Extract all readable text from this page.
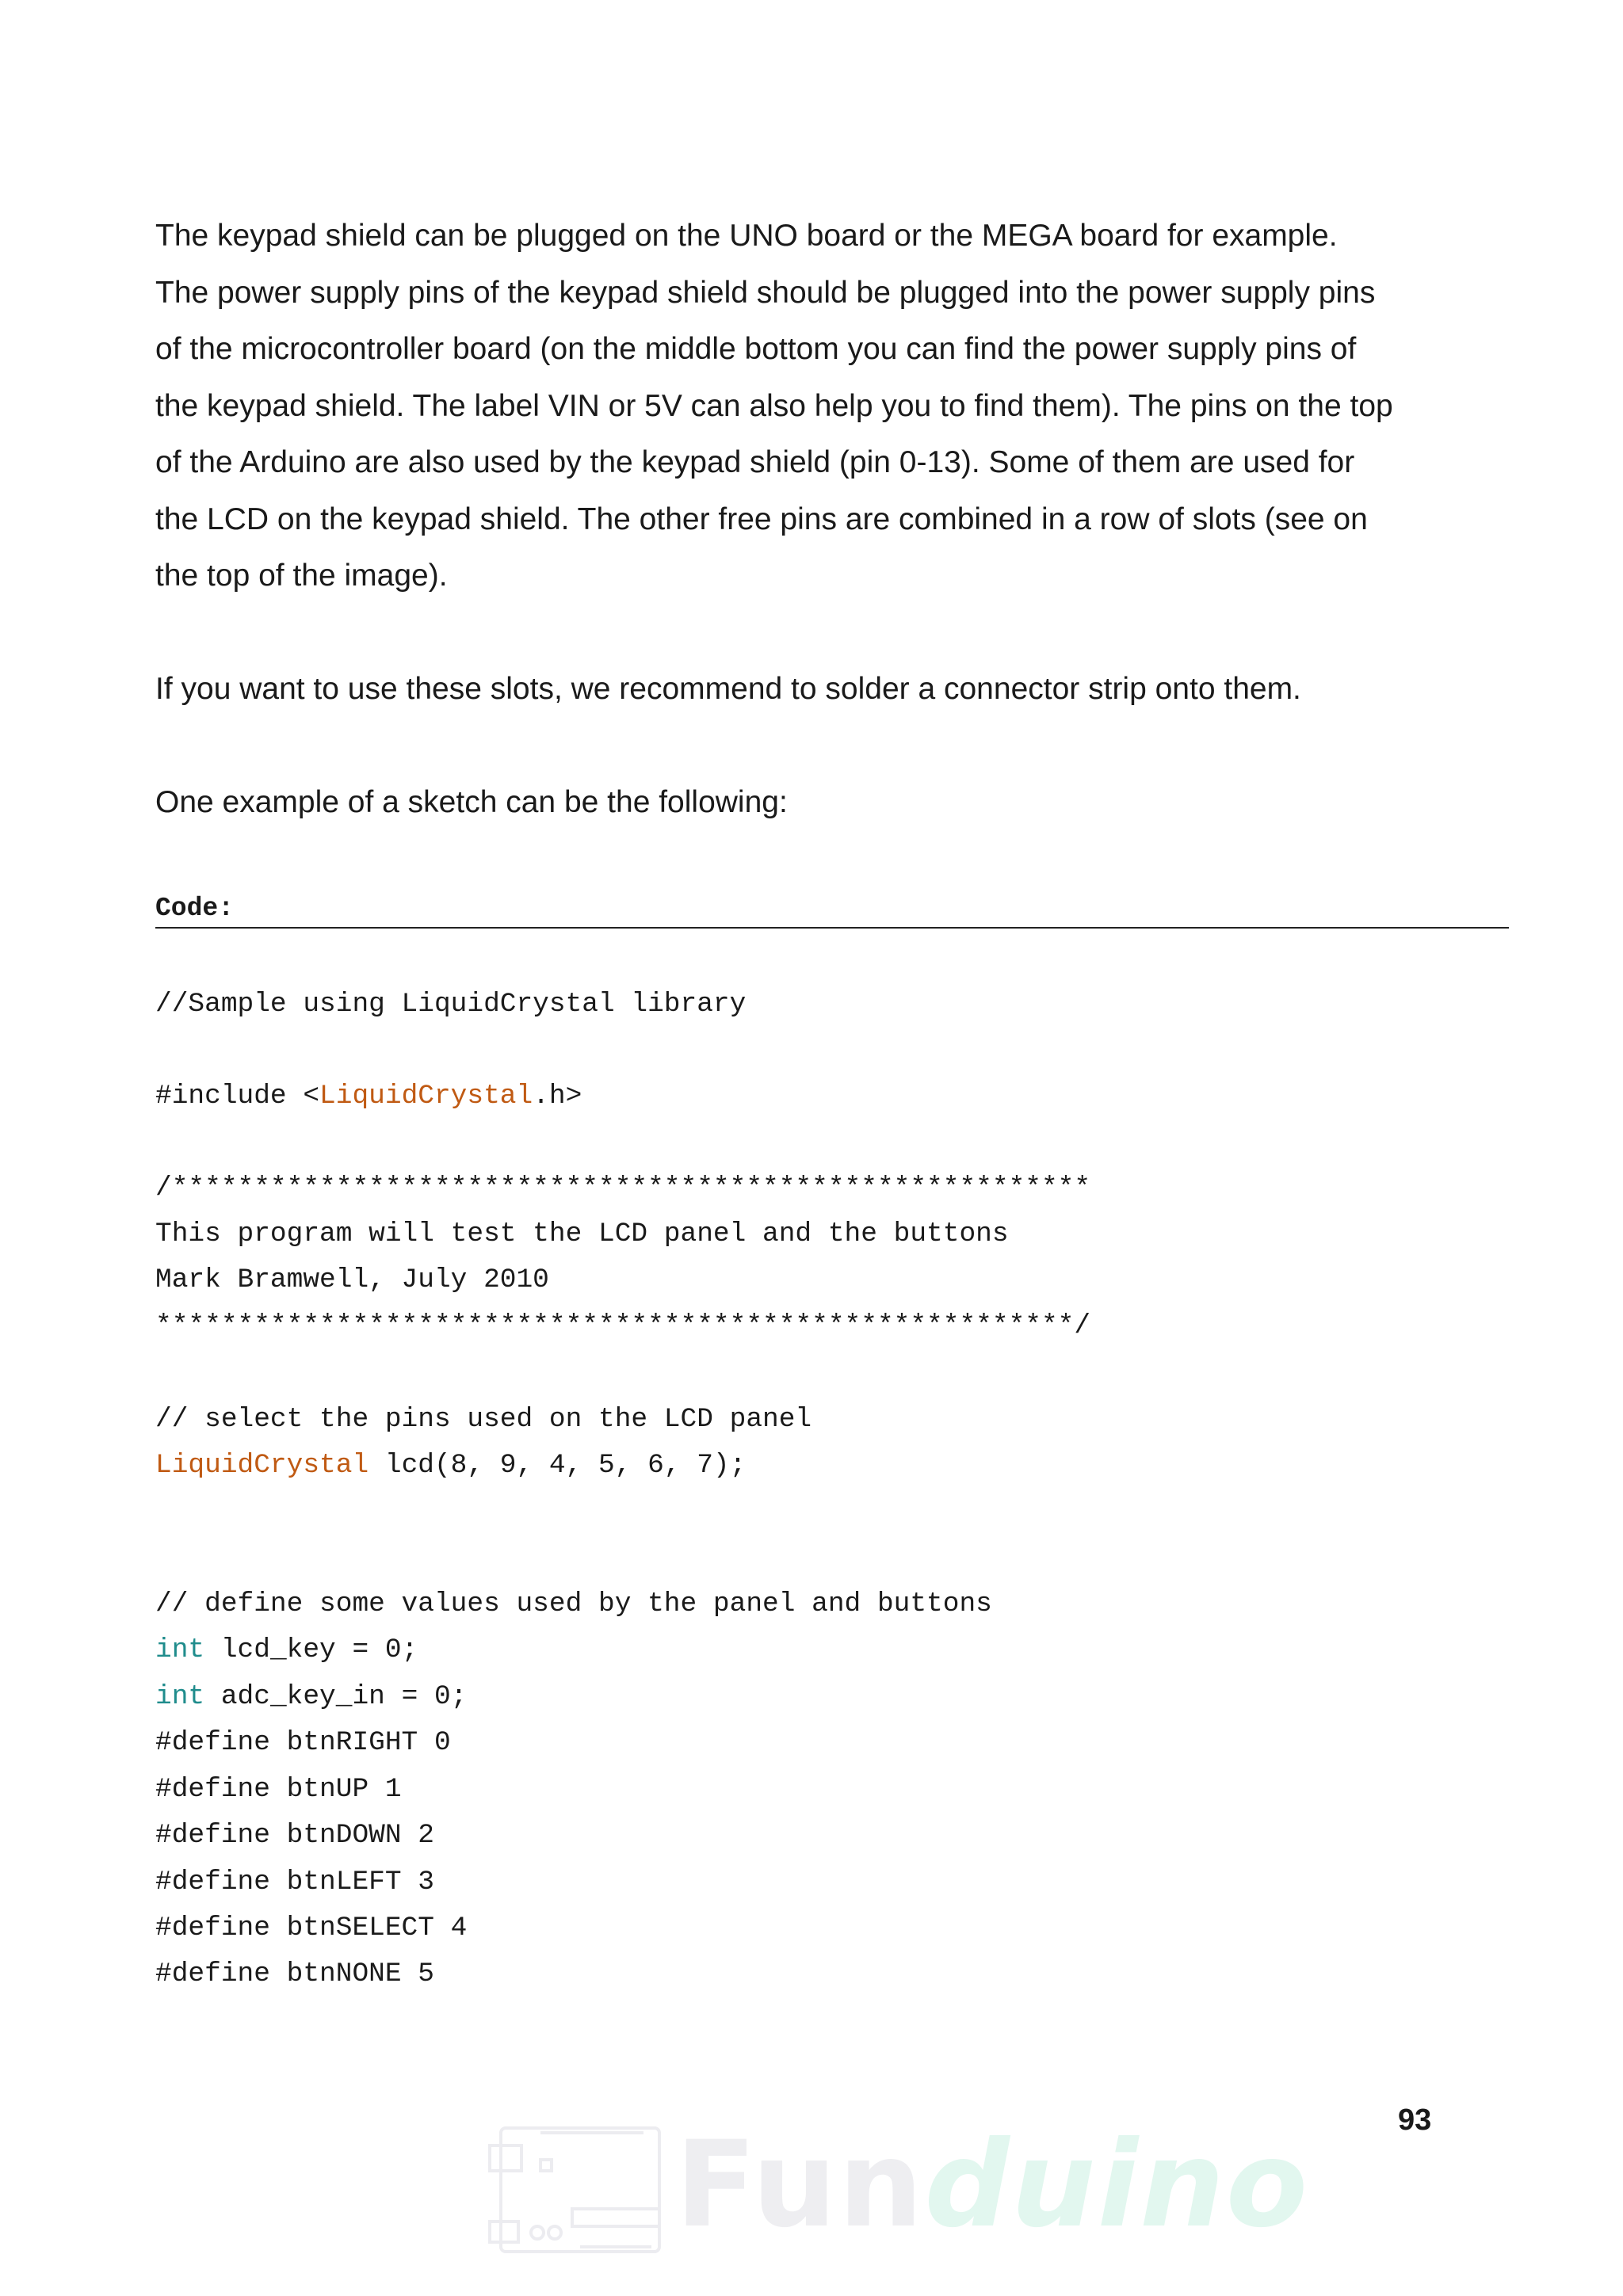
The keypad shield can be plugged on the UNO board or the MEGA board for example.
The power supply pins of the keypad shield should be plugged into the power supply pins
of the microcontroller board (on the middle bottom you can find the power supply pins of
the keypad shield. The label VIN or 5V can also help you to find them). The pins on the top
of the Arduino are also used by the keypad shield (pin 0-13). Some of them are used for
the LCD on the keypad shield. The other free pins are combined in a row of slots (see on
the top of the image).

If you want to use these slots, we recommend to solder a connector strip onto them.

One example of a sketch can be the following:

Code:

//Sample using LiquidCrystal library

#include <LiquidCrystal.h>

/********************************************************

This program will test the LCD panel and the buttons

Mark Bramwell, July 2010

********************************************************/

// select the pins used on the LCD panel

LiquidCrystal lcd(8, 9, 4, 5, 6, 7);

// define some values used by the panel and buttons

int lcd_key = 0;

int adc_key_in = 0;

#define btnRIGHT 0

#define btnUP 1

#define btnDOWN 2

#define btnLEFT 3

#define btnSELECT 4

#define btnNONE 5

93
Funduino
